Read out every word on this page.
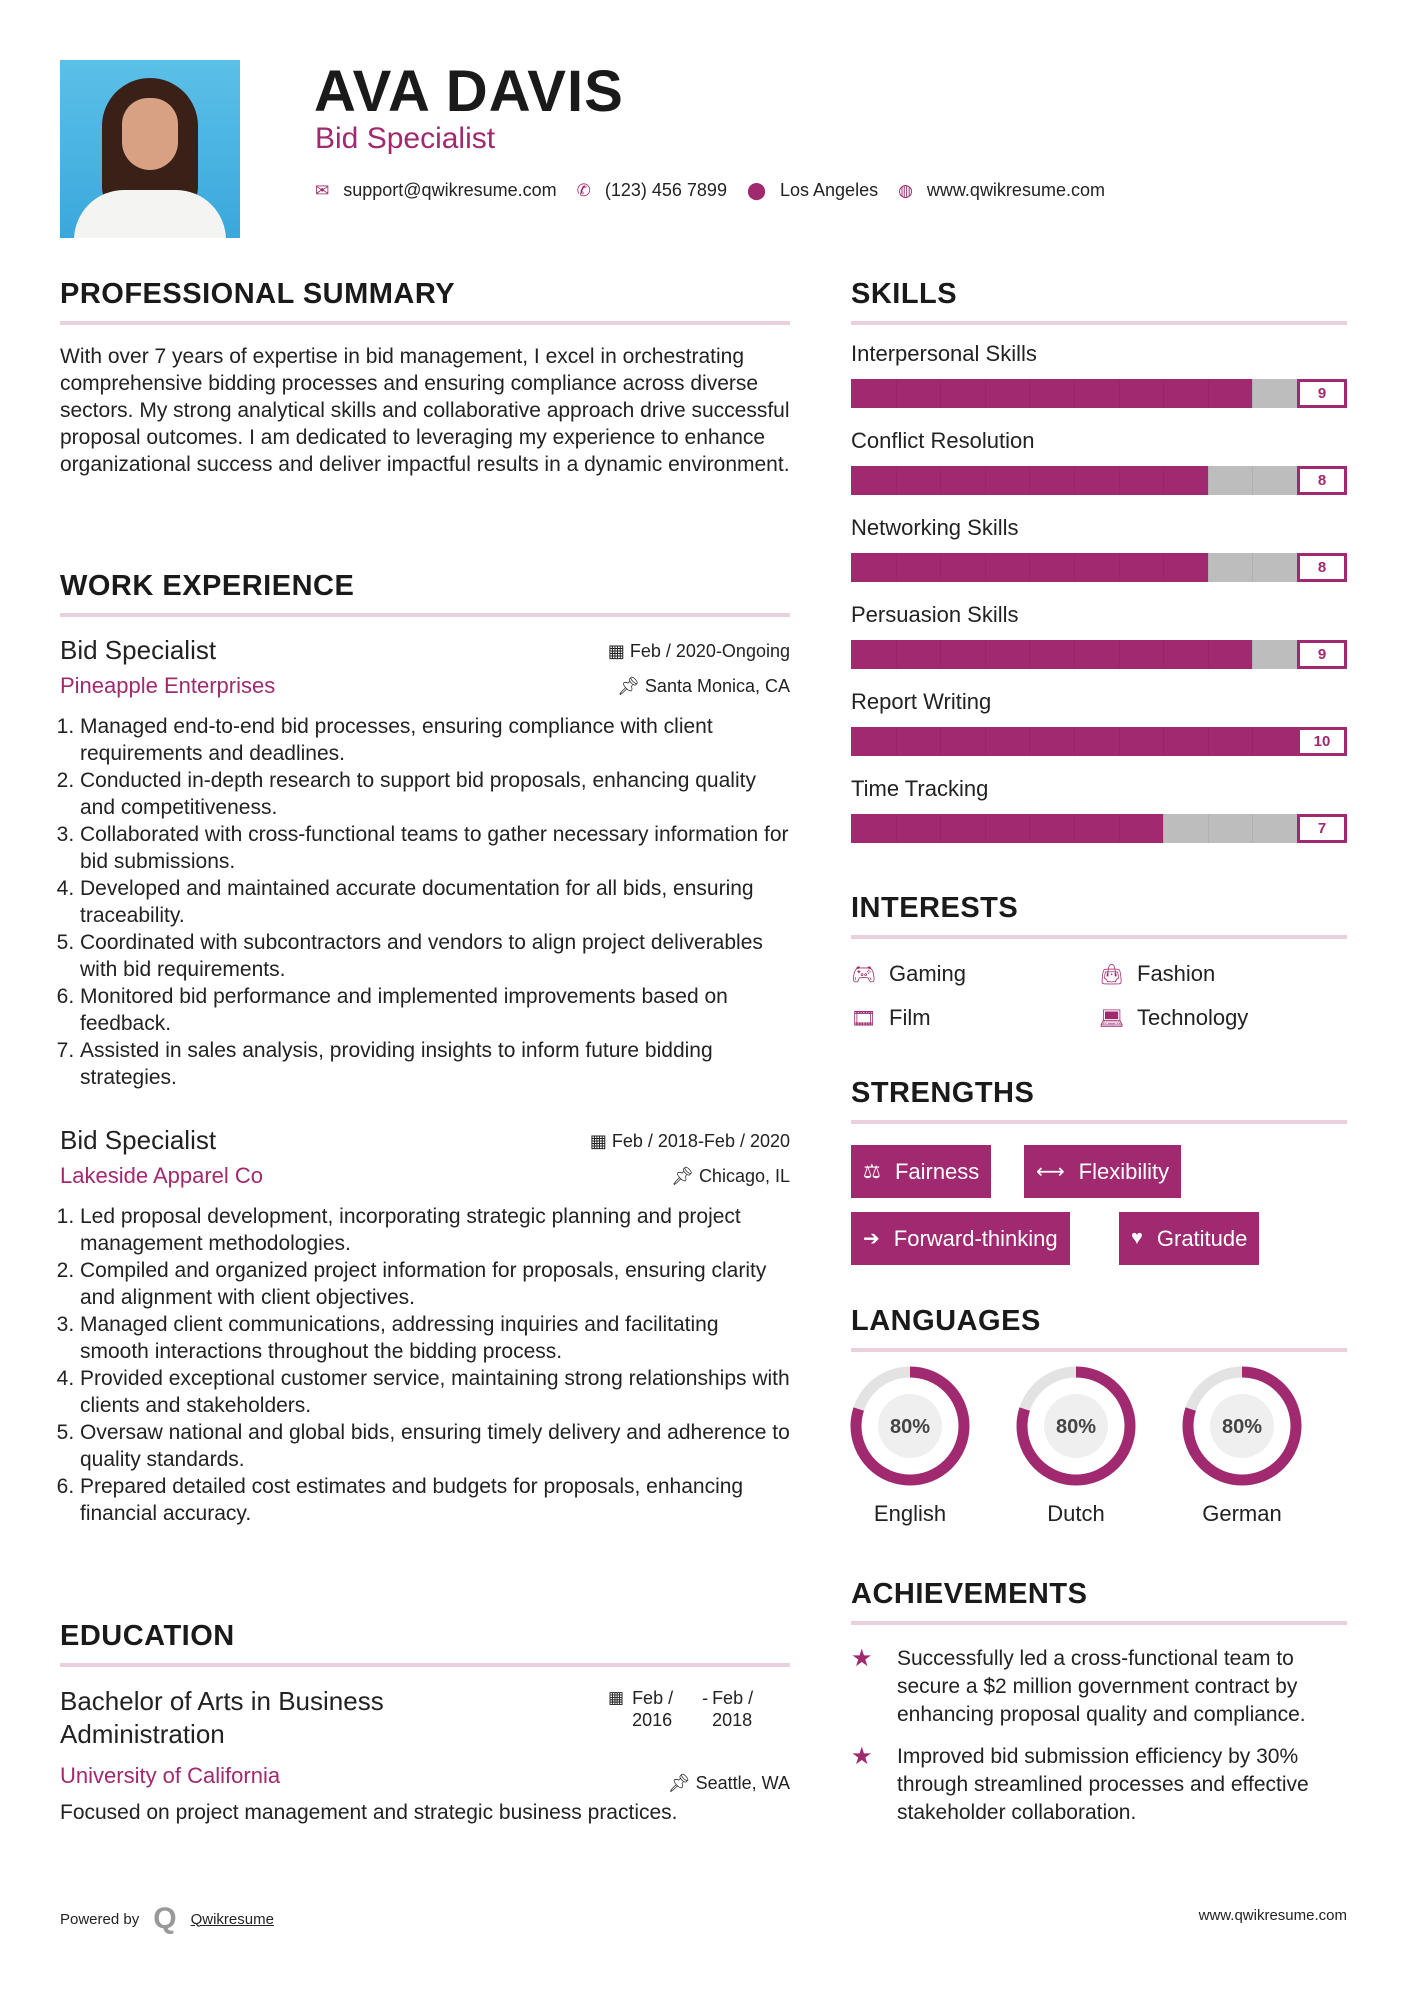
AVA DAVIS
Bid Specialist
✉ support@qwikresume.com ✆ (123) 456 7899 ⬤ Los Angeles ◍ www.qwikresume.com
PROFESSIONAL SUMMARY

With over 7 years of expertise in bid management, I excel in orchestrating comprehensive bidding processes and ensuring compliance across diverse sectors. My strong analytical skills and collaborative approach drive successful proposal outcomes. I am dedicated to leveraging my experience to enhance organizational success and deliver impactful results in a dynamic environment.

WORK EXPERIENCE
Bid Specialist
Pineapple Enterprises
▦ Feb / 2020-Ongoing
📌︎ Santa Monica, CA
1. Managed end-to-end bid processes, ensuring compliance with client requirements and deadlines.
2. Conducted in-depth research to support bid proposals, enhancing quality and competitiveness.
3. Collaborated with cross-functional teams to gather necessary information for bid submissions.
4. Developed and maintained accurate documentation for all bids, ensuring traceability.
5. Coordinated with subcontractors and vendors to align project deliverables with bid requirements.
6. Monitored bid performance and implemented improvements based on feedback.
7. Assisted in sales analysis, providing insights to inform future bidding strategies.
Bid Specialist
Lakeside Apparel Co
▦ Feb / 2018-Feb / 2020
📌︎ Chicago, IL
1. Led proposal development, incorporating strategic planning and project management methodologies.
2. Compiled and organized project information for proposals, ensuring clarity and alignment with client objectives.
3. Managed client communications, addressing inquiries and facilitating smooth interactions throughout the bidding process.
4. Provided exceptional customer service, maintaining strong relationships with clients and stakeholders.
5. Oversaw national and global bids, ensuring timely delivery and adherence to quality standards.
6. Prepared detailed cost estimates and budgets for proposals, enhancing financial accuracy.
EDUCATION
Bachelor of Arts in Business Administration
▦ Feb / 2016
- Feb / 2018
University of California	📌︎ Seattle, WA

Focused on project management and strategic business practices.

Powered by Q Qwikresume	www.qwikresume.com
SKILLS
Interpersonal Skills
9
Conflict Resolution
8
Networking Skills
8
Persuasion Skills
9
Report Writing
10
Time Tracking
7
INTERESTS
🎮︎ Gaming	👜︎ Fashion
🎞︎ Film	💻︎ Technology
STRENGTHS
⚖ Fairness	⟷ Flexibility
➔ Forward-thinking	♥ Gratitude
LANGUAGES
80%
English
80%
Dutch
80%
German
ACHIEVEMENTS
★	Successfully led a cross-functional team to secure a $2 million government contract by enhancing proposal quality and compliance.
★	Improved bid submission efficiency by 30% through streamlined processes and effective stakeholder collaboration.
